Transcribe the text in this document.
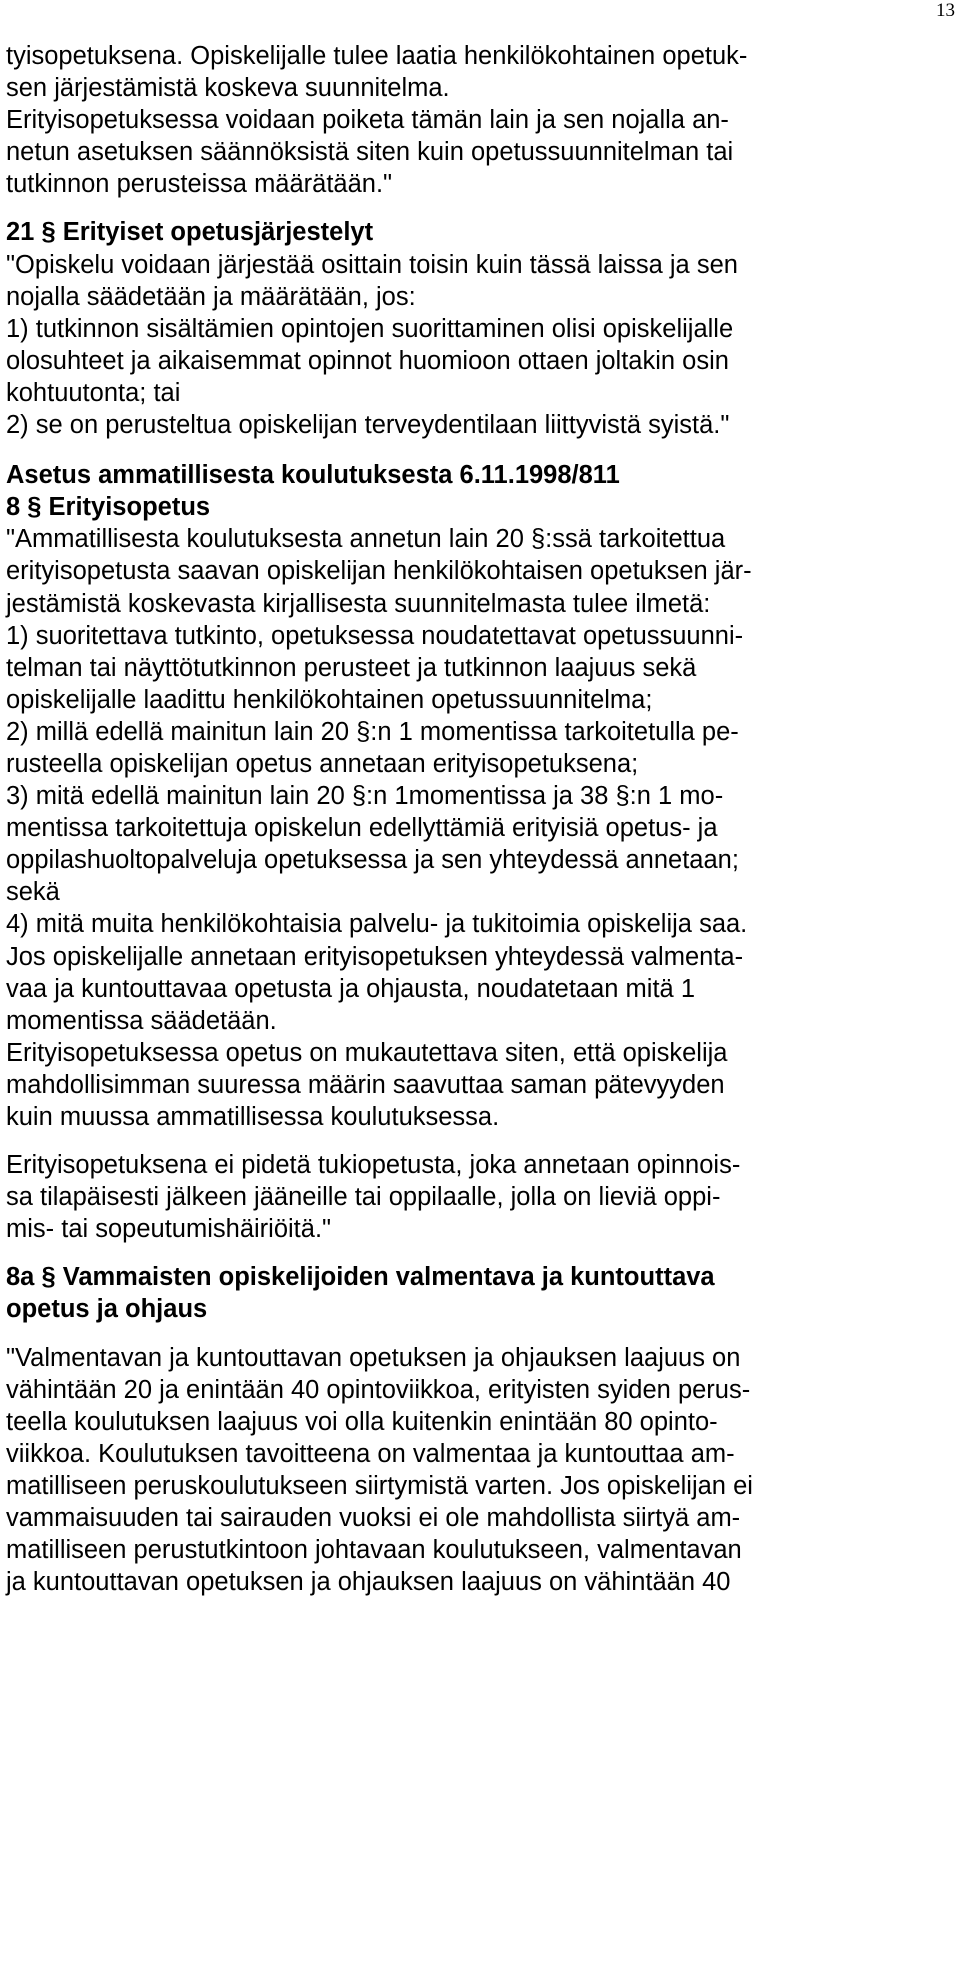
13
tyisopetuksena. Opiskelijalle tulee laatia henkilökohtainen opetuk-
sen järjestämistä koskeva suunnitelma.
Erityisopetuksessa voidaan poiketa tämän lain ja sen nojalla an-
netun asetuksen säännöksistä siten kuin opetussuunnitelman tai
tutkinnon perusteissa määrätään."
21 § Erityiset opetusjärjestelyt
"Opiskelu voidaan järjestää osittain toisin kuin tässä laissa ja sen
nojalla säädetään ja määrätään, jos:
1) tutkinnon sisältämien opintojen suorittaminen olisi opiskelijalle
olosuhteet ja aikaisemmat opinnot huomioon ottaen joltakin osin
kohtuutonta; tai
2) se on perusteltua opiskelijan terveydentilaan liittyvistä syistä."
Asetus ammatillisesta koulutuksesta 6.11.1998/811
8 § Erityisopetus
"Ammatillisesta koulutuksesta annetun lain 20 §:ssä tarkoitettua
erityisopetusta saavan opiskelijan henkilökohtaisen opetuksen jär-
jestämistä koskevasta kirjallisesta suunnitelmasta tulee ilmetä:
1) suoritettava tutkinto, opetuksessa noudatettavat opetussuunni-
telman tai näyttötutkinnon perusteet ja tutkinnon laajuus sekä
opiskelijalle laadittu henkilökohtainen opetussuunnitelma;
2) millä edellä mainitun lain 20 §:n 1 momentissa tarkoitetulla pe-
rusteella opiskelijan opetus annetaan erityisopetuksena;
3) mitä edellä mainitun lain 20 §:n 1momentissa ja 38 §:n 1 mo-
mentissa tarkoitettuja opiskelun edellyttämiä erityisiä opetus- ja
oppilashuoltopalveluja opetuksessa ja sen yhteydessä annetaan;
sekä
4) mitä muita henkilökohtaisia palvelu- ja tukitoimia opiskelija saa.
Jos opiskelijalle annetaan erityisopetuksen yhteydessä valmenta-
vaa ja kuntouttavaa opetusta ja ohjausta, noudatetaan mitä 1
momentissa säädetään.
Erityisopetuksessa opetus on mukautettava siten, että opiskelija
mahdollisimman suuressa määrin saavuttaa saman pätevyyden
kuin muussa ammatillisessa koulutuksessa.
Erityisopetuksena ei pidetä tukiopetusta, joka annetaan opinnois-
sa tilapäisesti jälkeen jääneille tai oppilaalle, jolla on lieviä oppi-
mis- tai sopeutumishäiriöitä."
8a § Vammaisten opiskelijoiden valmentava ja kuntouttava
opetus ja ohjaus
"Valmentavan ja kuntouttavan opetuksen ja ohjauksen laajuus on
vähintään 20 ja enintään 40 opintoviikkoa, erityisten syiden perus-
teella koulutuksen laajuus voi olla kuitenkin enintään 80 opinto-
viikkoa. Koulutuksen tavoitteena on valmentaa ja kuntouttaa am-
matilliseen peruskoulutukseen siirtymistä varten. Jos opiskelijan ei
vammaisuuden tai sairauden vuoksi ei ole mahdollista siirtyä am-
matilliseen perustutkintoon johtavaan koulutukseen, valmentavan
ja kuntouttavan opetuksen ja ohjauksen laajuus on vähintään 40
